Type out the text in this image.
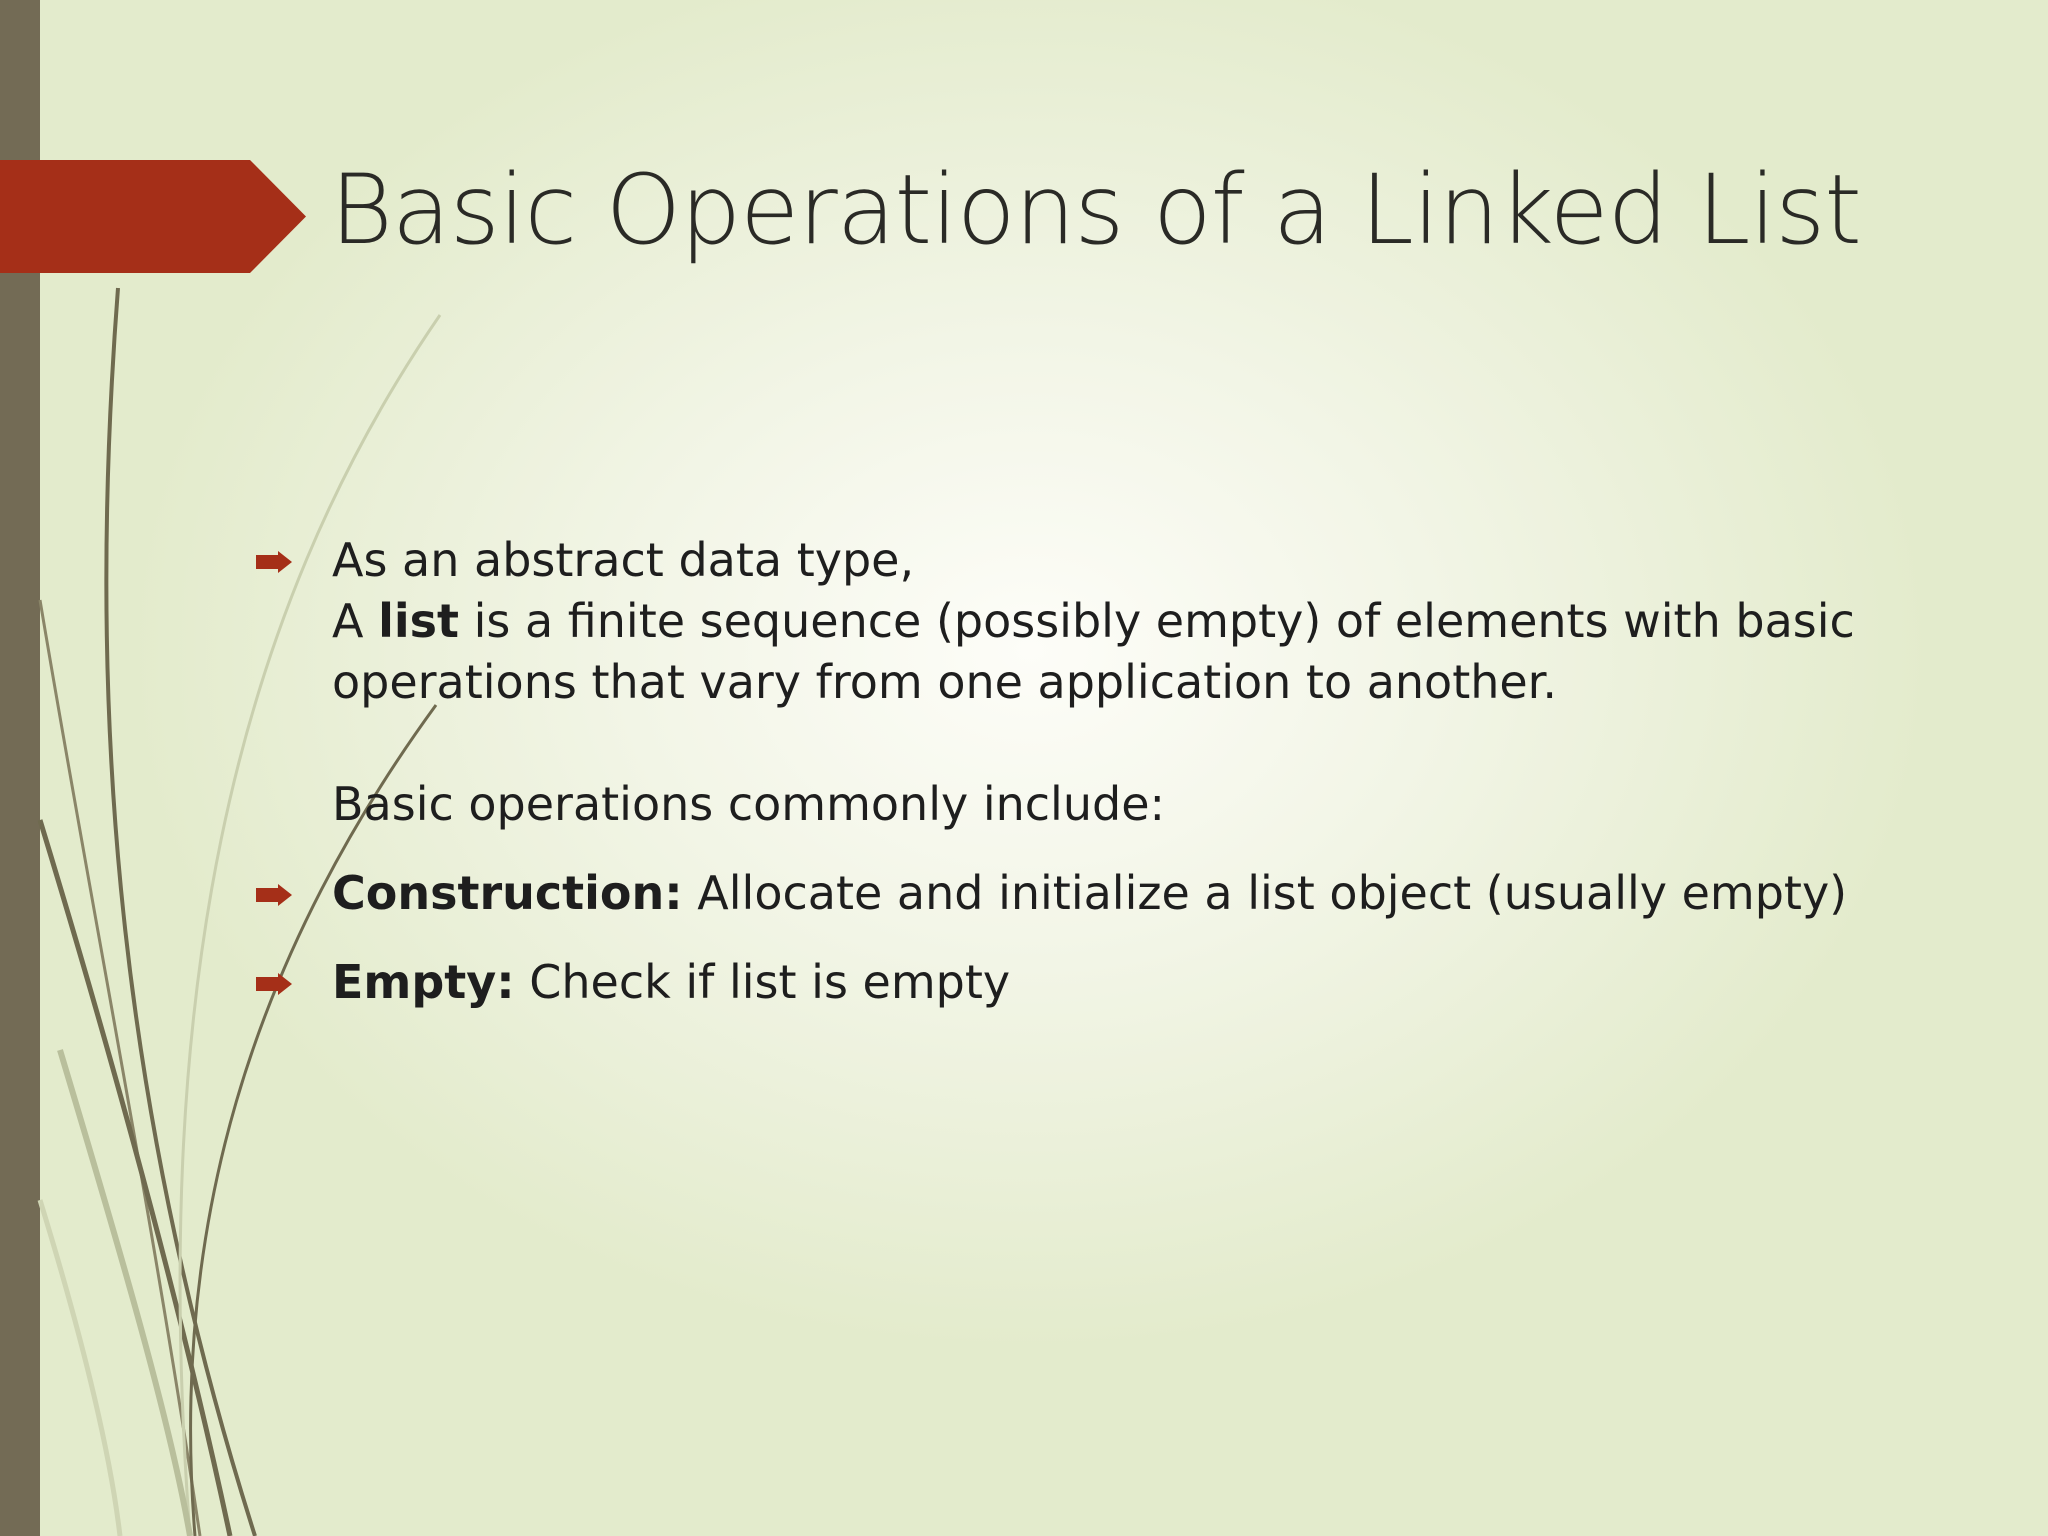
Basic Operations of a Linked List
As an abstract data type,
A list is a finite sequence (possibly empty) of elements with basic
operations that vary from one application to another.
Basic operations commonly include:
Construction: Allocate and initialize a list object (usually empty)
Empty: Check if list is empty
